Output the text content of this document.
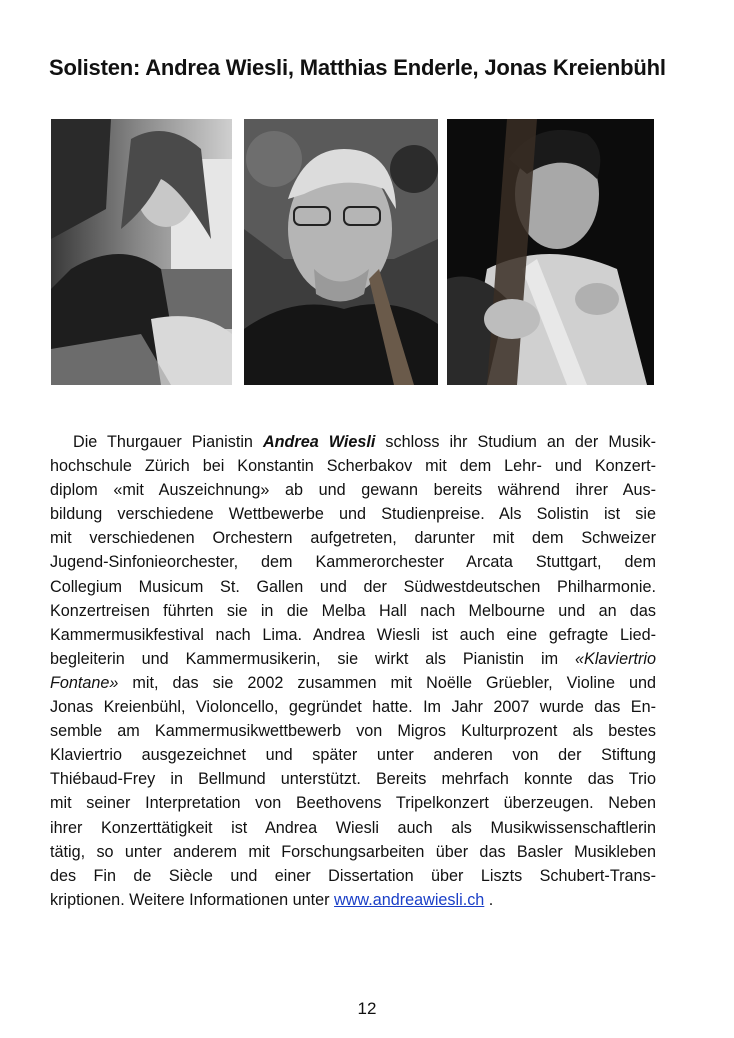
Solisten: Andrea Wiesli, Matthias Enderle, Jonas Kreienbühl
Die Thurgauer Pianistin Andrea Wiesli schloss ihr Studium an der Musik-
hochschule Zürich bei Konstantin Scherbakov mit dem Lehr- und Konzert-
diplom «mit Auszeichnung» ab und gewann bereits während ihrer Aus-
bildung verschiedene Wettbewerbe und Studienpreise. Als Solistin ist sie
mit verschiedenen Orchestern aufgetreten, darunter mit dem Schweizer
Jugend-Sinfonieorchester, dem Kammerorchester Arcata Stuttgart, dem
Collegium Musicum St. Gallen und der Südwestdeutschen Philharmonie.
Konzertreisen führten sie in die Melba Hall nach Melbourne und an das
Kammermusikfestival nach Lima. Andrea Wiesli ist auch eine gefragte Lied-
begleiterin und Kammermusikerin, sie wirkt als Pianistin im «Klaviertrio
Fontane» mit, das sie 2002 zusammen mit Noëlle Grüebler, Violine und
Jonas Kreienbühl, Violoncello, gegründet hatte. Im Jahr 2007 wurde das En-
semble am Kammermusikwettbewerb von Migros Kulturprozent als bestes
Klaviertrio ausgezeichnet und später unter anderen von der Stiftung
Thiébaud-Frey in Bellmund unterstützt. Bereits mehrfach konnte das Trio
mit seiner Interpretation von Beethovens Tripelkonzert überzeugen. Neben
ihrer Konzerttätigkeit ist Andrea Wiesli auch als Musikwissenschaftlerin
tätig, so unter anderem mit Forschungsarbeiten über das Basler Musikleben
des Fin de Siècle und einer Dissertation über Liszts Schubert-Trans-
kriptionen. Weitere Informationen unter www.andreawiesli.ch .
12
